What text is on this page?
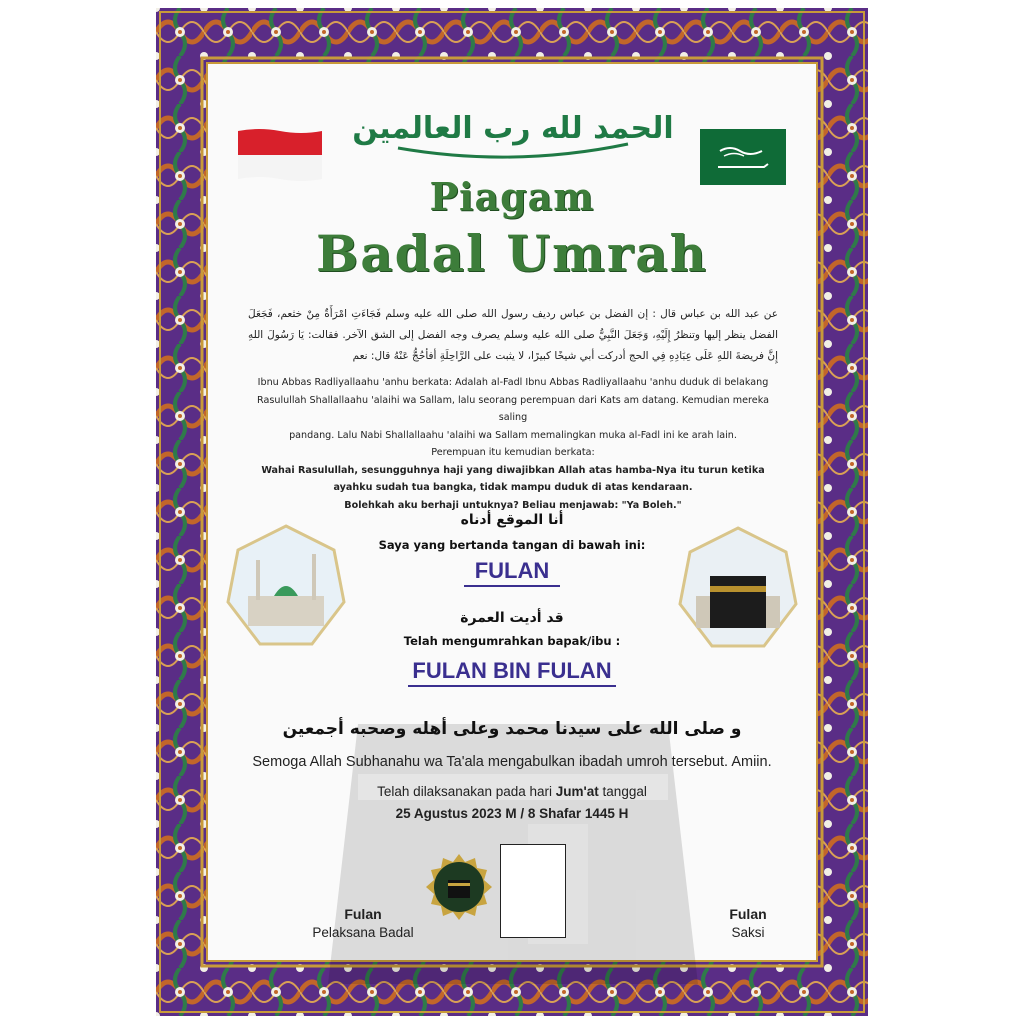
الحمد لله رب العالمين
Piagam
Badal Umrah
عن عبد الله بن عباس قال : إن الفضل بن عباس رديف رسول الله صلى الله عليه وسلم فَجَاءَتِ امْرَأَةٌ مِنْ خثعم، فَجَعَلَ الفضل ينظر إليها وتنظرُ إِلَيْهِ، وَجَعَلَ النَّبِيُّ صلى الله عليه وسلم يصرف وجه الفضل إلى الشق الآخر. فقالت: يَا رَسُولَ اللهِ إِنَّ فريضةَ اللهِ عَلَى عِبَادِهِ فِي الحج أدركت أبي شيخًا كبيرًا، لا يثبت على الرَّاحِلَةِ أفأحُجُّ عَنْهُ قال: نعم
Ibnu Abbas Radliyallaahu 'anhu berkata: Adalah al-Fadl Ibnu Abbas Radliyallaahu 'anhu duduk di belakang
Rasulullah Shallallaahu 'alaihi wa Sallam, lalu seorang perempuan dari Kats am datang. Kemudian mereka saling
pandang. Lalu Nabi Shallallaahu 'alaihi wa Sallam memalingkan muka al-Fadl ini ke arah lain.
Perempuan itu kemudian berkata:
Wahai Rasulullah, sesungguhnya haji yang diwajibkan Allah atas hamba-Nya itu turun ketika
ayahku sudah tua bangka, tidak mampu duduk di atas kendaraan.
Bolehkah aku berhaji untuknya? Beliau menjawab: "Ya Boleh."
أنا الموقع أدناه
Saya yang bertanda tangan di bawah ini:
FULAN
قد أديت العمرة
Telah mengumrahkan bapak/ibu :
FULAN BIN FULAN
و صلى الله على سيدنا محمد وعلى أهله وصحبه أجمعين
Semoga Allah Subhanahu wa Ta'ala mengabulkan ibadah umroh tersebut. Amiin.
Telah dilaksanakan pada hari Jum'at tanggal
25 Agustus 2023 M / 8 Shafar 1445 H
Fulan
Pelaksana Badal
Fulan
Saksi
